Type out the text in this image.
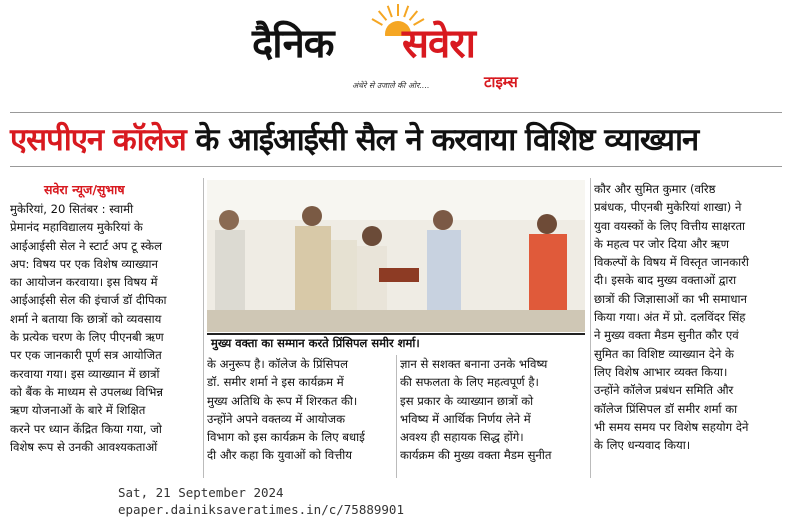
दैनिक सवेरा
टाइम्स
अंधेरे से उजाले की ओर....
एसपीएन कॉलेज के आईआईसी सैल ने करवाया विशिष्ट व्याख्यान
सवेरा न्यूज/सुभाष
मुकेरियां, 20 सितंबर : स्वामी
प्रेमानंद महाविद्यालय मुकेरियां के
आईआईसी सेल ने स्टार्ट अप टू स्केल
अप: विषय पर एक विशेष व्याख्यान
का आयोजन करवाया। इस विषय में
आईआईसी सेल की इंचार्ज डॉ दीपिका
शर्मा ने बताया कि छात्रों को व्यवसाय
के प्रत्येक चरण के लिए पीएनबी ऋण
पर एक जानकारी पूर्ण सत्र आयोजित
करवाया गया। इस व्याख्यान में छात्रों
को बैंक के माध्यम से उपलब्ध विभिन्न
ऋण योजनाओं के बारे में शिक्षित
करने पर ध्यान केंद्रित किया गया, जो
विशेष रूप से उनकी आवश्यकताओं
मुख्य वक्ता का सम्मान करते प्रिंसिपल समीर शर्मा।
के अनुरूप है। कॉलेज के प्रिंसिपल
डॉ. समीर शर्मा ने इस कार्यक्रम में
मुख्य अतिथि के रूप में शिरकत की।
उन्होंने अपने वक्तव्य में आयोजक
विभाग को इस कार्यक्रम के लिए बधाई
दी और कहा कि युवाओं को वित्तीय
ज्ञान से सशक्त बनाना उनके भविष्य
की सफलता के लिए महत्वपूर्ण है।
इस प्रकार के व्याख्यान छात्रों को
भविष्य में आर्थिक निर्णय लेने में
अवश्य ही सहायक सिद्ध होंगे।
कार्यक्रम की मुख्य वक्ता मैडम सुनीत
कौर और सुमित कुमार (वरिष्ठ
प्रबंधक, पीएनबी मुकेरियां शाखा) ने
युवा वयस्कों के लिए वित्तीय साक्षरता
के महत्व पर जोर दिया और ऋण
विकल्पों के विषय में विस्तृत जानकारी
दी। इसके बाद मुख्य वक्ताओं द्वारा
छात्रों की जिज्ञासाओं का भी समाधान
किया गया। अंत में प्रो. दलविंदर सिंह
ने मुख्य वक्ता मैडम सुनीत कौर एवं
सुमित का विशिष्ट व्याख्यान देने के
लिए विशेष आभार व्यक्त किया।
उन्होंने कॉलेज प्रबंधन समिति और
कॉलेज प्रिंसिपल डॉ समीर शर्मा का
भी समय समय पर विशेष सहयोग देने
के लिए धन्यवाद किया।
Sat, 21 September 2024
epaper.dainiksaveratimes.in/c/75889901
